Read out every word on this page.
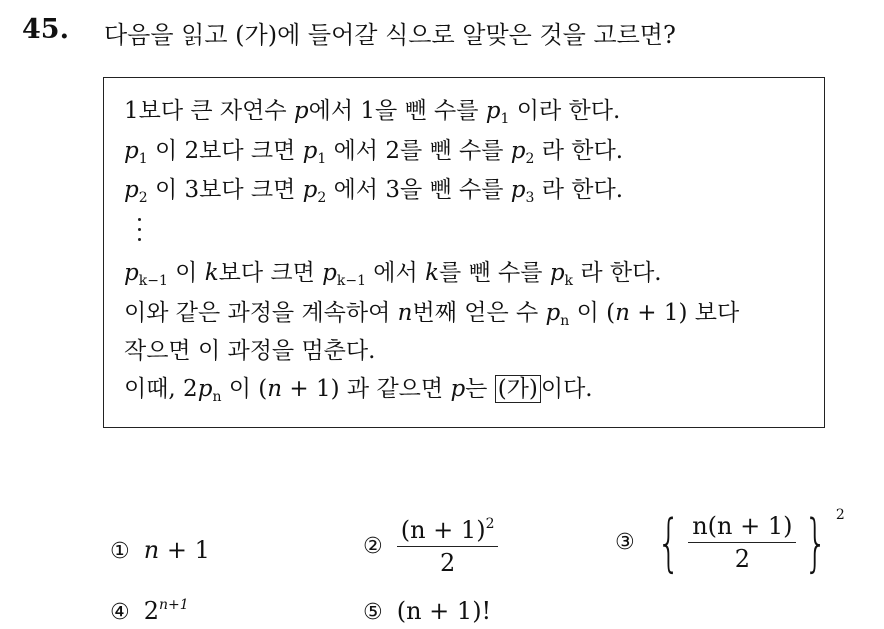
45. 다음을 읽고 (가)에 들어갈 식으로 알맞은 것을 고르면?
1보다 큰 자연수 p에서 1을 뺀 수를 $p_1$ 이라 한다.
$p_1$ 이 2보다 크면 $p_1$ 에서 2를 뺀 수를 $p_2$ 라 한다.
$p_2$ 이 3보다 크면 $p_2$ 에서 3을 뺀 수를 $p_3$ 라 한다.
$p_{k-1}$ 이 k보다 크면 $p_{k-1}$ 에서 k를 뺀 수를 $p_k$ 라 한다.
이와 같은 과정을 계속하여 n번째 얻은 수 $p_n$ 이 (n + 1) 보다
작으면 이 과정을 멈춘다.
이때, $2p_n$ 이 (n + 1) 과 같으면 p는 (가) 이다.
① n + 1	② $\frac{(n + 1)^2}{2}$	③ { $\frac{n(n + 1)}{2}$ } $^2$
④ $2^{n+1}$	⑤ (n + 1)!
